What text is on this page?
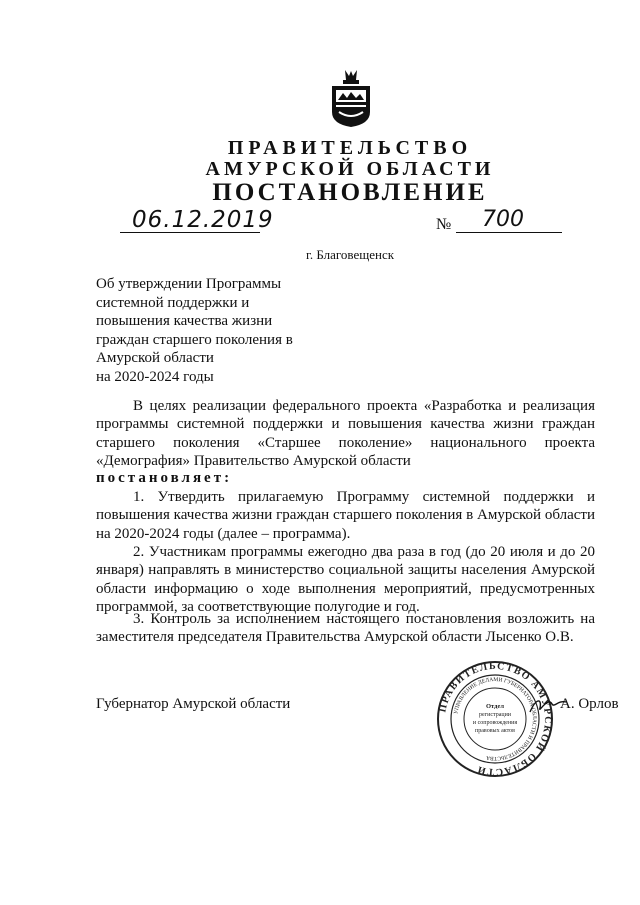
ПРАВИТЕЛЬСТВО
АМУРСКОЙ ОБЛАСТИ
ПОСТАНОВЛЕНИЕ
06.12.2019	№	700
г. Благовещенск
Об утверждении Программы
системной поддержки и
повышения качества жизни
граждан старшего поколения в
Амурской области
на 2020-2024 годы
В целях реализации федерального проекта «Разработка и реализация программы системной поддержки и повышения качества жизни граждан старшего поколения «Старшее поколение» национального проекта «Демография» Правительство Амурской области
постановляет:
1. Утвердить прилагаемую Программу системной поддержки и повышения качества жизни граждан старшего поколения в Амурской области на 2020-2024 годы (далее – программа).
2. Участникам программы ежегодно два раза в год (до 20 июля и до 20 января) направлять в министерство социальной защиты населения Амурской области информацию о ходе выполнения мероприятий, предусмотренных программой, за соответствующие полугодие и год.
3. Контроль за исполнением настоящего постановления возложить на заместителя председателя Правительства Амурской области Лысенко О.В.
Губернатор Амурской области	ПРАВИТЕЛЬСТВО АМУРСКОЙ ОБЛАСТИ
УПРАВЛЕНИЕ ДЕЛАМИ ГУБЕРНАТОРА ОБЛАСТИ И ПРАВИТЕЛЬСТВА
Отдел
регистрации
и сопровождения
правовых актов
А. Орлов
